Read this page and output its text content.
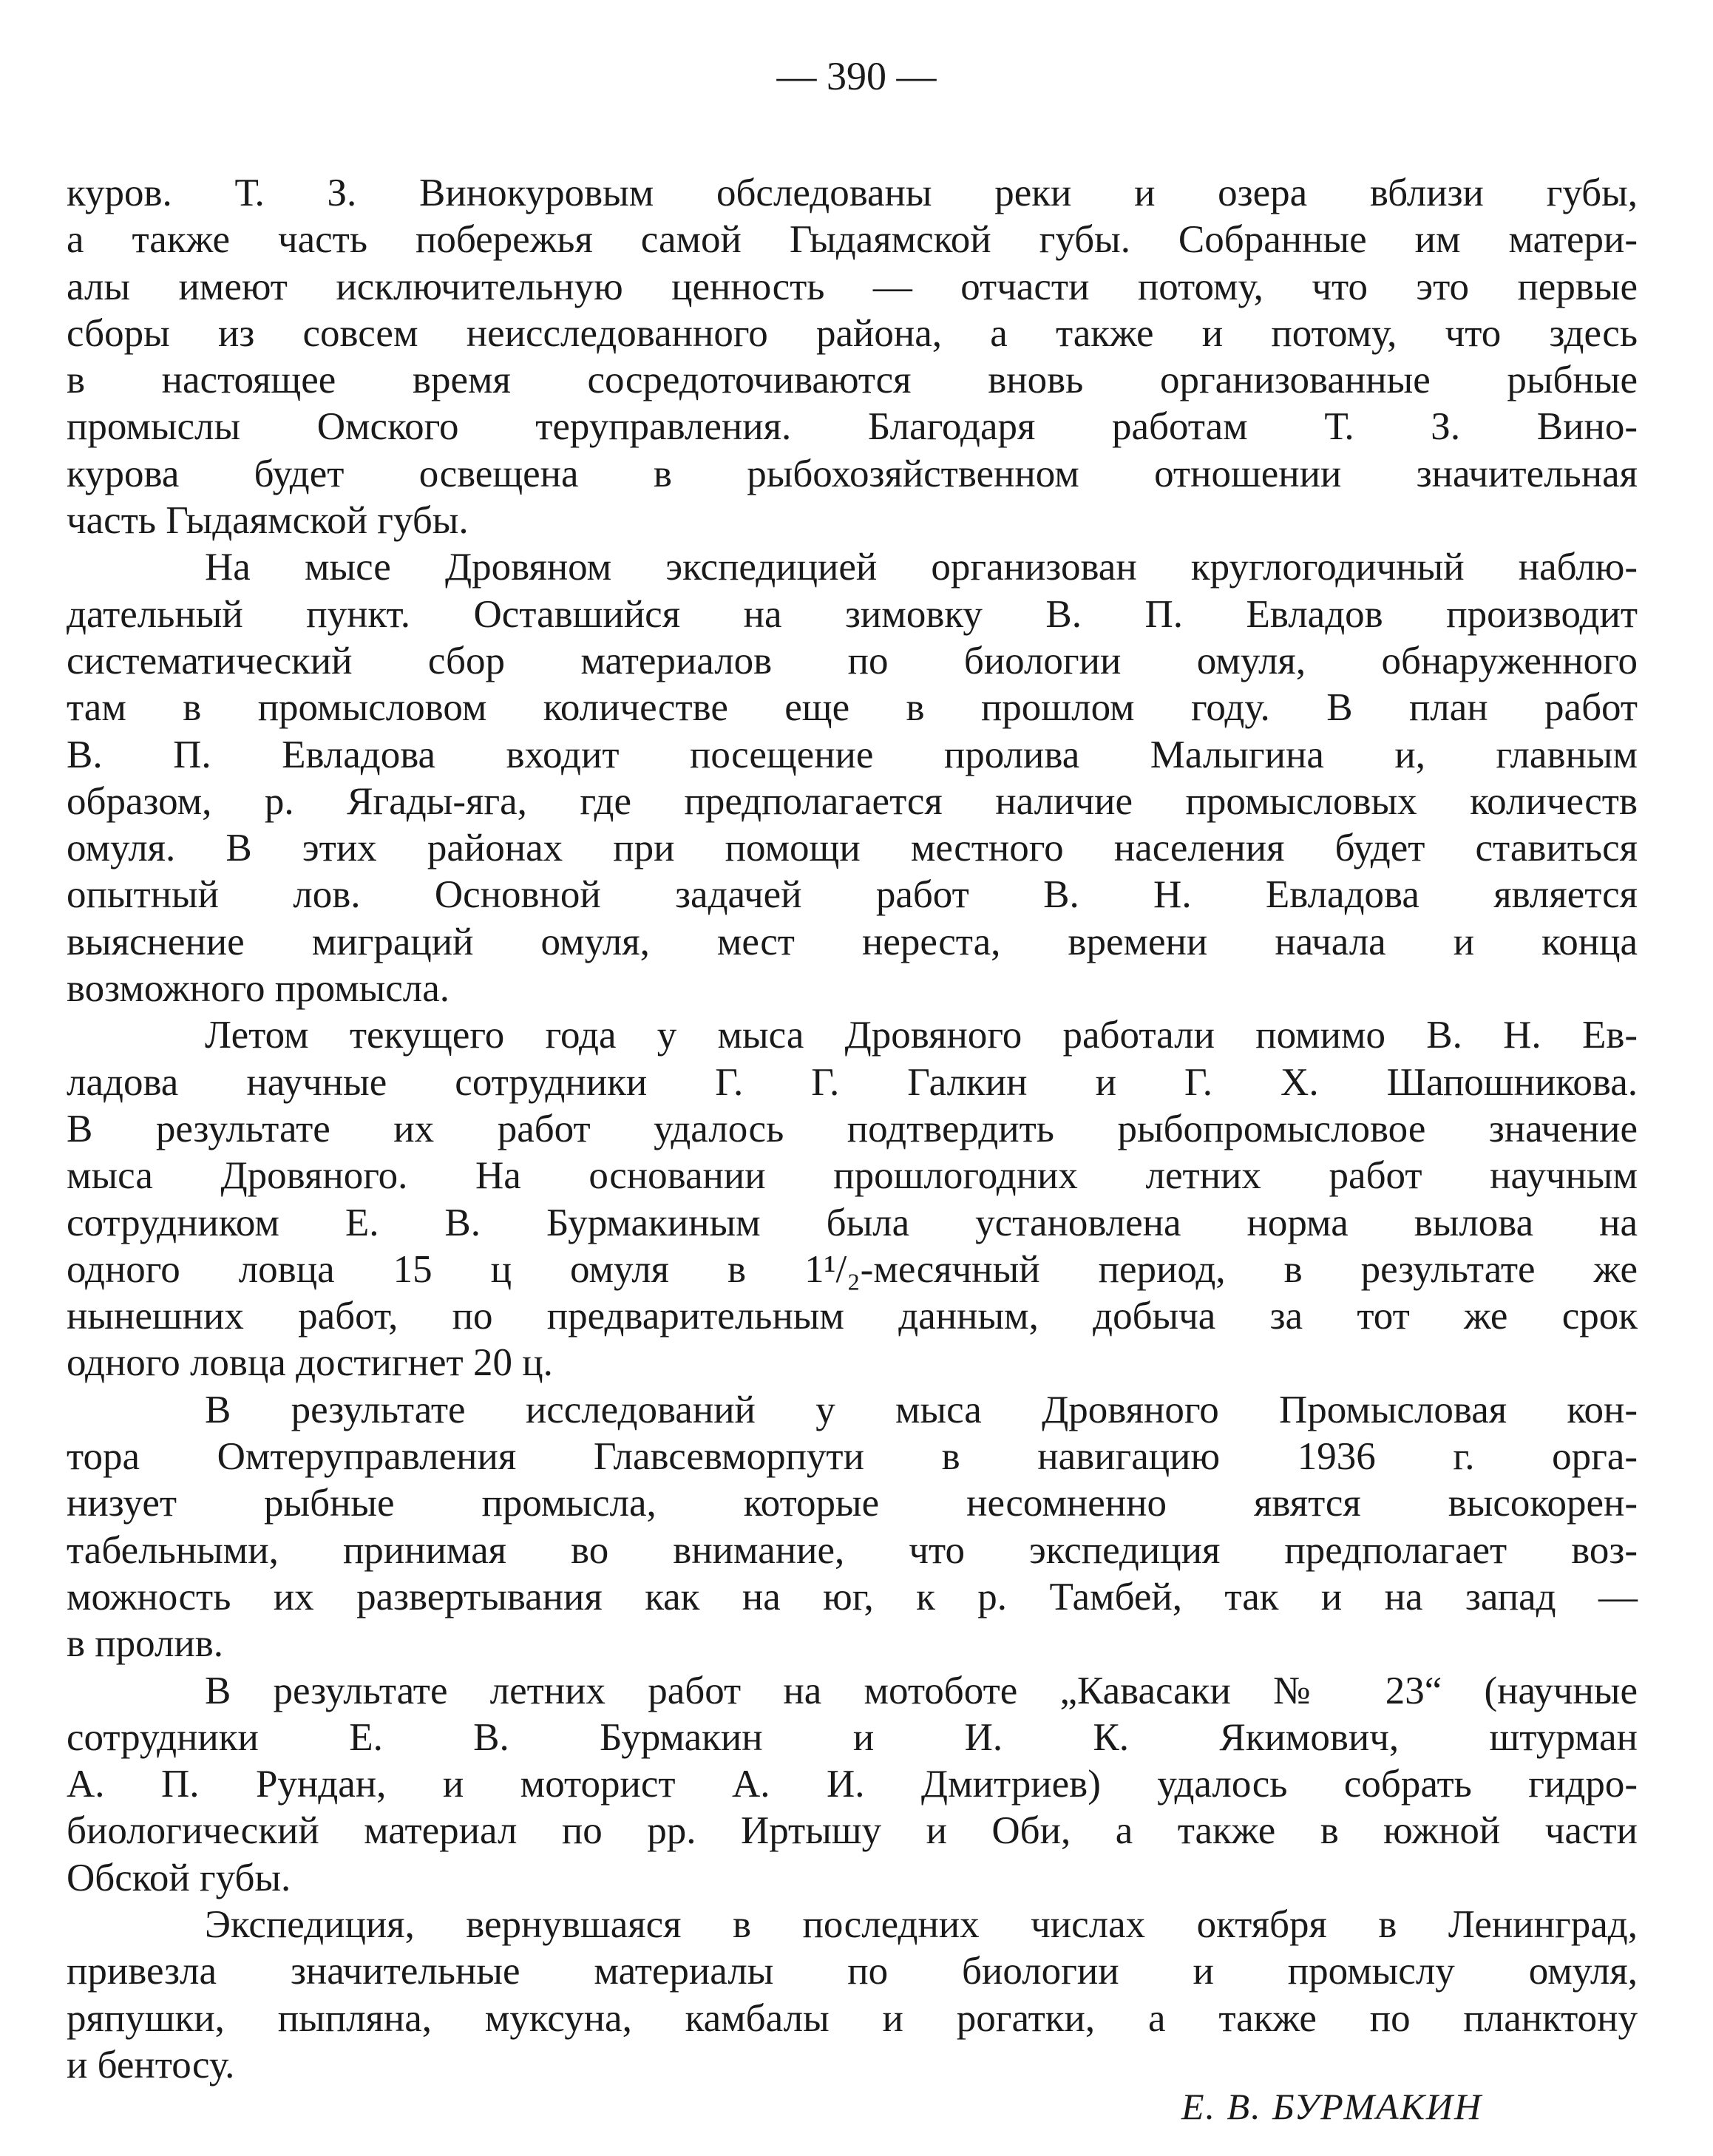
— 390 —
куров. Т. З. Винокуровым обследованы реки и озера вблизи губы,
а также часть побережья самой Гыдаямской губы. Собранные им матери-
алы имеют исключительную ценность — отчасти потому, что это первые
сборы из совсем неисследованного района, а также и потому, что здесь
в настоящее время сосредоточиваются вновь организованные рыбные
промыслы Омского теруправления. Благодаря работам Т. З. Вино-
курова будет освещена в рыбохозяйственном отношении значительная
часть Гыдаямской губы.
На мысе Дровяном экспедицией организован круглогодичный наблю-
дательный пункт. Оставшийся на зимовку В. П. Евладов производит
систематический сбор материалов по биологии омуля, обнаруженного
там в промысловом количестве еще в прошлом году. В план работ
В. П. Евладова входит посещение пролива Малыгина и, главным
образом, р. Ягады-яга, где предполагается наличие промысловых количеств
омуля. В этих районах при помощи местного населения будет ставиться
опытный лов. Основной задачей работ В. Н. Евладова является
выяснение миграций омуля, мест нереста, времени начала и конца
возможного промысла.
Летом текущего года у мыса Дровяного работали помимо В. Н. Ев-
ладова научные сотрудники Г. Г. Галкин и Г. Х. Шапошникова.
В результате их работ удалось подтвердить рыбопромысловое значение
мыса Дровяного. На основании прошлогодних летних работ научным
сотрудником Е. В. Бурмакиным была установлена норма вылова на
одного ловца 15 ц омуля в 1¹/₂-месячный период, в результате же
нынешних работ, по предварительным данным, добыча за тот же срок
одного ловца достигнет 20 ц.
В результате исследований у мыса Дровяного Промысловая кон-
тора Омтеруправления Главсевморпути в навигацию 1936 г. орга-
низует рыбные промысла, которые несомненно явятся высокорен-
табельными, принимая во внимание, что экспедиция предполагает воз-
можность их развертывания как на юг, к р. Тамбей, так и на запад —
в пролив.
В результате летних работ на мотоботе „Кавасаки № 23“ (научные
сотрудники Е. В. Бурмакин и И. К. Якимович, штурман
А. П. Рундан, и моторист А. И. Дмитриев) удалось собрать гидро-
биологический материал по рр. Иртышу и Оби, а также в южной части
Обской губы.
Экспедиция, вернувшаяся в последних числах октября в Ленинград,
привезла значительные материалы по биологии и промыслу омуля,
ряпушки, пыпляна, муксуна, камбалы и рогатки, а также по планктону
и бентосу.
Е. В. БУРМАКИН
